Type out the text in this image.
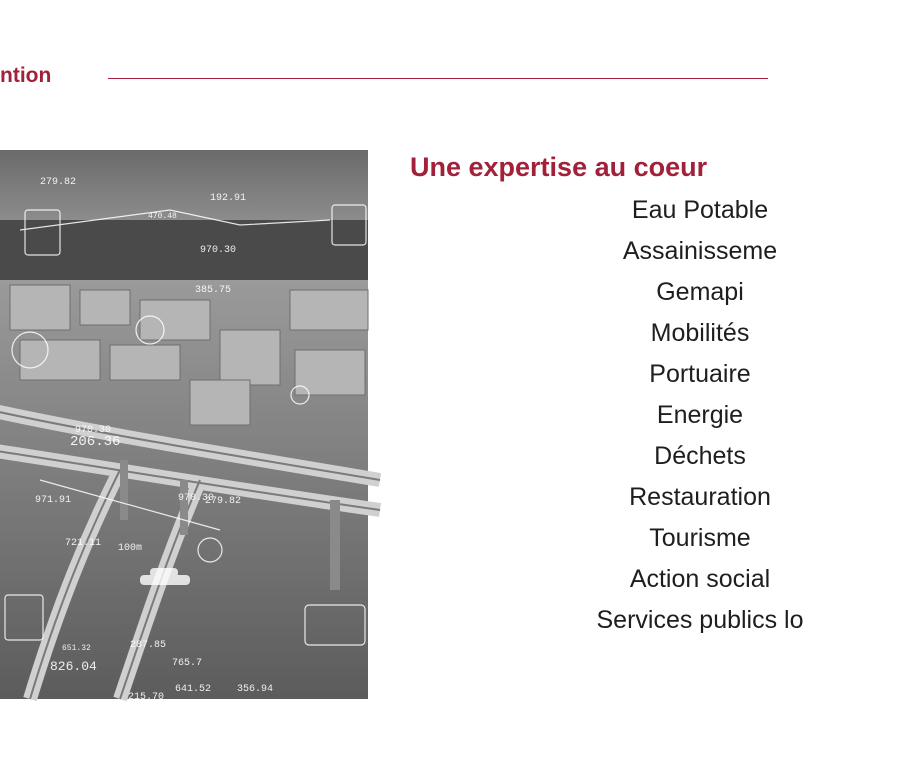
ntion
279.82
192.91
970.30
385.75
206.36
970.30
971.91	970.30
279.82
721.11 100m
826.04
651.32	287.85
765.7
641.52	356.94
215.70
470.48
Une expertise au coeur
Eau Potable
Assainisseme
Gemapi
Mobilités
Portuaire
Energie
Déchets
Restauration
Tourisme
Action social
Services publics lo
